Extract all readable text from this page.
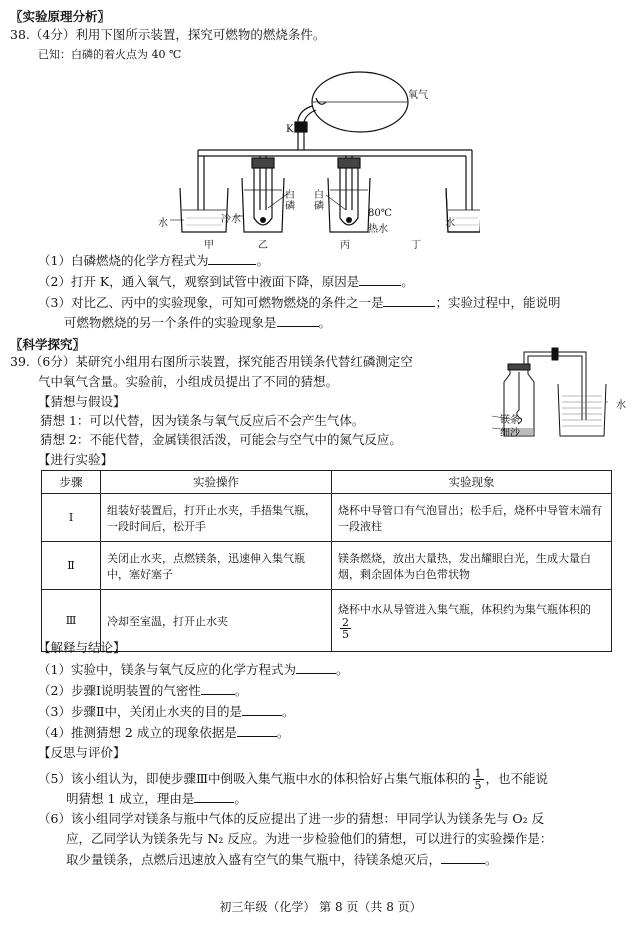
〖 实验原理分析 〗
38.（4分）利用下图所示装置，探究可燃物的燃烧条件。
已知：白磷的着火点为 40 ℃
氧气
K
水	冷水
白磷
白磷
80℃
热水
水
甲	乙	丙	丁
（1）白磷燃烧的化学方程式为	。
（2）打开 K，通入氧气，观察到试管中液面下降，原因是	。
（3）对比乙、丙中的实验现象，可知可燃物燃烧的条件之一是	；实验过程中，能说明
可燃物燃烧的另一个条件的实验现象是	。
〖 科学探究 〗
39.（6分）某研究小组用右图所示装置，探究能否用镁条代替红磷测定空
气中氧气含量。实验前，小组成员提出了不同的猜想。
【猜想与假设】
猜想 1：可以代替，因为镁条与氧气反应后不会产生气体。
猜想 2：不能代替，金属镁很活泼，可能会与空气中的氮气反应。
【进行实验】
镁条
细沙
水
步骤	实验操作	实验现象
Ⅰ	组装好装置后，打开止水夹，手捂集气瓶，一段时间后，松开手	烧杯中导管口有气泡冒出；松手后，烧杯中导管末端有一段液柱
Ⅱ	关闭止水夹，点燃镁条，迅速伸入集气瓶中，塞好塞子	镁条燃烧，放出大量热，发出耀眼白光，生成大量白烟，剩余固体为白色带状物
Ⅲ	冷却至室温，打开止水夹	烧杯中水从导管进入集气瓶，体积约为集气瓶体积的
$\frac{2}{5}$
【解释与结论】
（1）实验中，镁条与氧气反应的化学方程式为	。
（2）步骤Ⅰ说明装置的气密性	。
（3）步骤Ⅱ中，关闭止水夹的目的是	。
（4）推测猜想 2 成立的现象依据是	。
【反思与评价】
（5）该小组认为，即使步骤Ⅲ中倒吸入集气瓶中水的体积恰好占集气瓶体积的 $\frac{1}{5}$ ，也不能说
明猜想 1 成立，理由是	。
（6）该小组同学对镁条与瓶中气体的反应提出了进一步的猜想：甲同学认为镁条先与 O₂ 反
应，乙同学认为镁条先与 N₂ 反应。为进一步检验他们的猜想，可以进行的实验操作是：
取少量镁条，点燃后迅速放入盛有空气的集气瓶中，待镁条熄灭后，	。
初三年级（化学） 第 8 页（共 8 页）
